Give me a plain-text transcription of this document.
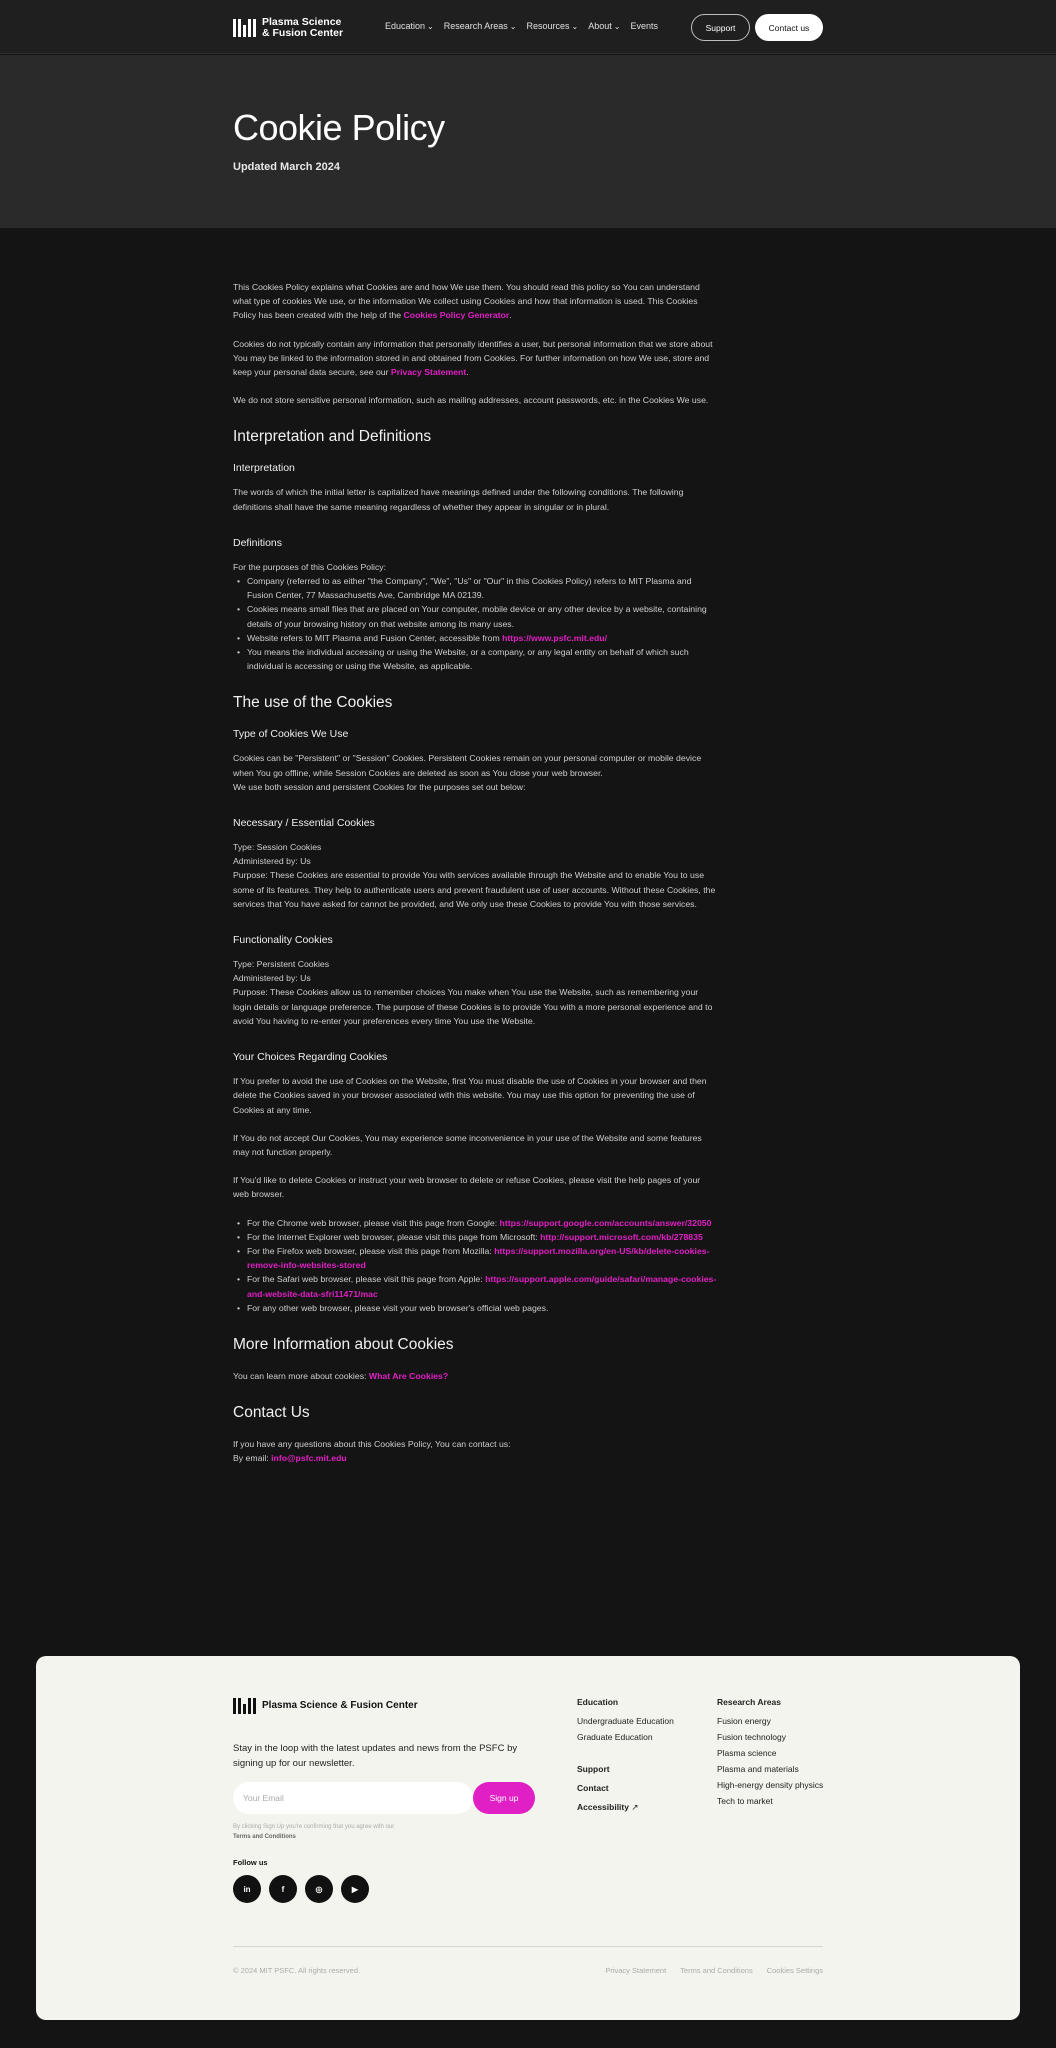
Plasma Science
& Fusion Center
Education ⌄ Research Areas ⌄ Resources ⌄ About ⌄ Events	Support	Contact us
Cookie Policy
Updated March 2024

This Cookies Policy explains what Cookies are and how We use them. You should read this policy so You can understand what type of cookies We use, or the information We collect using Cookies and how that information is used. This Cookies Policy has been created with the help of the Cookies Policy Generator.

Cookies do not typically contain any information that personally identifies a user, but personal information that we store about You may be linked to the information stored in and obtained from Cookies. For further information on how We use, store and keep your personal data secure, see our Privacy Statement.

We do not store sensitive personal information, such as mailing addresses, account passwords, etc. in the Cookies We use.

Interpretation and Definitions
Interpretation

The words of which the initial letter is capitalized have meanings defined under the following conditions. The following definitions shall have the same meaning regardless of whether they appear in singular or in plural.

Definitions

For the purposes of this Cookies Policy:

• Company (referred to as either "the Company", "We", "Us" or "Our" in this Cookies Policy) refers to MIT Plasma and Fusion Center, 77 Massachusetts Ave, Cambridge MA 02139.
• Cookies means small files that are placed on Your computer, mobile device or any other device by a website, containing details of your browsing history on that website among its many uses.
• Website refers to MIT Plasma and Fusion Center, accessible from https://www.psfc.mit.edu/
• You means the individual accessing or using the Website, or a company, or any legal entity on behalf of which such individual is accessing or using the Website, as applicable.
The use of the Cookies
Type of Cookies We Use

Cookies can be "Persistent" or "Session" Cookies. Persistent Cookies remain on your personal computer or mobile device when You go offline, while Session Cookies are deleted as soon as You close your web browser.

We use both session and persistent Cookies for the purposes set out below:

Necessary / Essential Cookies

Type: Session Cookies

Administered by: Us

Purpose: These Cookies are essential to provide You with services available through the Website and to enable You to use some of its features. They help to authenticate users and prevent fraudulent use of user accounts. Without these Cookies, the services that You have asked for cannot be provided, and We only use these Cookies to provide You with those services.

Functionality Cookies

Type: Persistent Cookies

Administered by: Us

Purpose: These Cookies allow us to remember choices You make when You use the Website, such as remembering your login details or language preference. The purpose of these Cookies is to provide You with a more personal experience and to avoid You having to re-enter your preferences every time You use the Website.

Your Choices Regarding Cookies

If You prefer to avoid the use of Cookies on the Website, first You must disable the use of Cookies in your browser and then delete the Cookies saved in your browser associated with this website. You may use this option for preventing the use of Cookies at any time.

If You do not accept Our Cookies, You may experience some inconvenience in your use of the Website and some features may not function properly.

If You'd like to delete Cookies or instruct your web browser to delete or refuse Cookies, please visit the help pages of your web browser.

• For the Chrome web browser, please visit this page from Google: https://support.google.com/accounts/answer/32050
• For the Internet Explorer web browser, please visit this page from Microsoft: http://support.microsoft.com/kb/278835
• For the Firefox web browser, please visit this page from Mozilla: https://support.mozilla.org/en-US/kb/delete-cookies-remove-info-websites-stored
• For the Safari web browser, please visit this page from Apple: https://support.apple.com/guide/safari/manage-cookies-and-website-data-sfri11471/mac
• For any other web browser, please visit your web browser's official web pages.
More Information about Cookies

You can learn more about cookies: What Are Cookies?

Contact Us

If you have any questions about this Cookies Policy, You can contact us:

By email: info@psfc.mit.edu

Plasma Science & Fusion Center
Stay in the loop with the latest updates and news from the PSFC by signing up for our newsletter.
Your Email	Sign up
By clicking Sign Up you're confirming that you agree with our
Terms and Conditions
Follow us
in	f	◎	▶
Education
Undergraduate Education
Graduate Education
Support
Contact
Accessibility ↗
Research Areas
Fusion energy
Fusion technology
Plasma science
Plasma and materials
High-energy density physics
Tech to market
© 2024 MIT PSFC. All rights reserved.	Privacy Statement Terms and Conditions Cookies Settings
